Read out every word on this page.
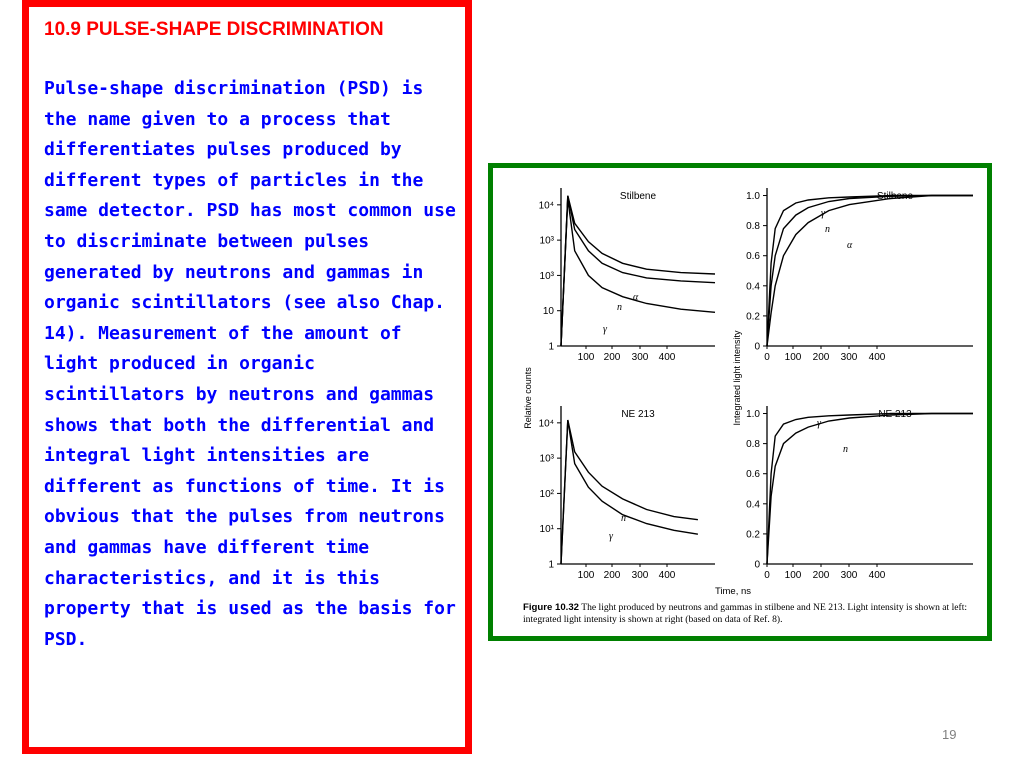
10.9 PULSE-SHAPE DISCRIMINATION

Pulse-shape discrimination (PSD) is the name given to a process that differentiates pulses produced by different types of particles in the same detector. PSD has most common use to discriminate between pulses generated by neutrons and gammas in organic scintillators (see also Chap. 14). Measurement of the amount of light produced in organic scintillators by neutrons and gammas shows that both the differential and integral light intensities are different as functions of time. It is obvious that the pulses from neutrons and gammas have different time characteristics, and it is this property that is used as the basis for PSD.

Stilbene
1
10
10³
10³
10⁴
100 200 300 400
α
n
γ
Stilbene
0
0.2
0.4
0.6
0.8
1.0
0 100 200 300 400
γ
n
α
NE 213
1
10¹
10²
10³
10⁴
100 200 300 400
n
γ
NE 213
0
0.2
0.4
0.6
0.8
1.0
0 100 200 300 400
γ
n
Relative counts	Integrated light intensity
Time, ns
Figure 10.32 The light produced by neutrons and gammas in stilbene and NE 213. Light intensity is shown at left: integrated light intensity is shown at right (based on data of Ref. 8).
19
